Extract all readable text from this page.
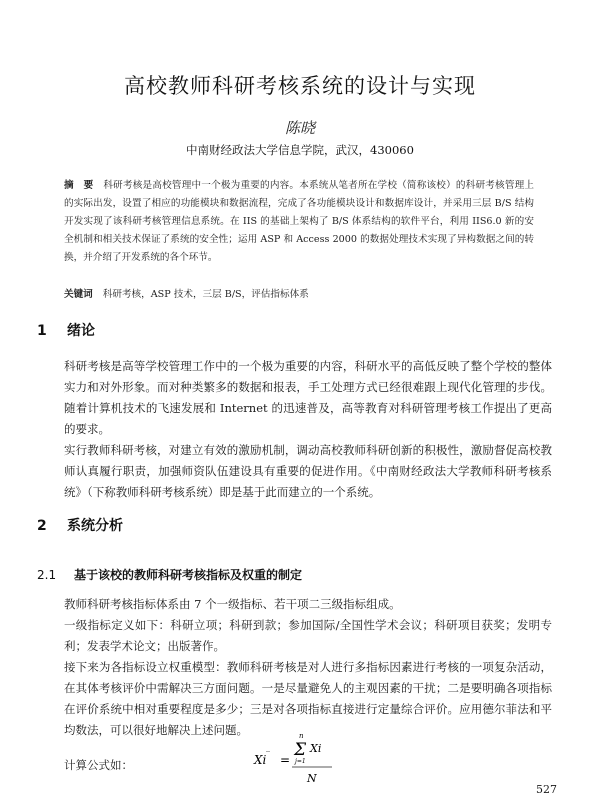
高校教师科研考核系统的设计与实现
陈晓
中南财经政法大学信息学院，武汉，430060
摘　要 科研考核是高校管理中一个极为重要的内容。本系统从笔者所在学校（简称该校）的科研考核管理上的实际出发，设置了相应的功能模块和数据流程，完成了各功能模块设计和数据库设计，并采用三层 B/S 结构开发实现了该科研考核管理信息系统。在 IIS 的基础上架构了 B/S 体系结构的软件平台，利用 IIS6.0 新的安全机制和相关技术保证了系统的安全性；运用 ASP 和 Access 2000 的数据处理技术实现了异构数据之间的转换，并介绍了开发系统的各个环节。
关键词 科研考核，ASP 技术，三层 B/S，评估指标体系
1 绪论
科研考核是高等学校管理工作中的一个极为重要的内容，科研水平的高低反映了整个学校的整体实力和对外形象。而对种类繁多的数据和报表，手工处理方式已经很难跟上现代化管理的步伐。随着计算机技术的飞速发展和 Internet 的迅速普及，高等教育对科研管理考核工作提出了更高的要求。
实行教师科研考核，对建立有效的激励机制，调动高校教师科研创新的积极性，激励督促高校教师认真履行职责，加强师资队伍建设具有重要的促进作用。《中南财经政法大学教师科研考核系统》（下称教师科研考核系统）即是基于此而建立的一个系统。
2 系统分析
2.1 基于该校的教师科研考核指标及权重的制定
教师科研考核指标体系由 7 个一级指标、若干项二三级指标组成。
一级指标定义如下：科研立项；科研到款；参加国际/全国性学术会议；科研项目获奖；发明专利；发表学术论文；出版著作。
接下来为各指标设立权重模型：教师科研考核是对人进行多指标因素进行考核的一项复杂活动，在其体考核评价中需解决三方面问题。一是尽量避免人的主观因素的干扰；二是要明确各项指标在评价系统中相对重要程度是多少；三是对各项指标直接进行定量综合评价。应用德尔菲法和平均数法，可以很好地解决上述问题。
计算公式如：	Xi ‾ =
n
Σ
j=1
Xi
N
527
